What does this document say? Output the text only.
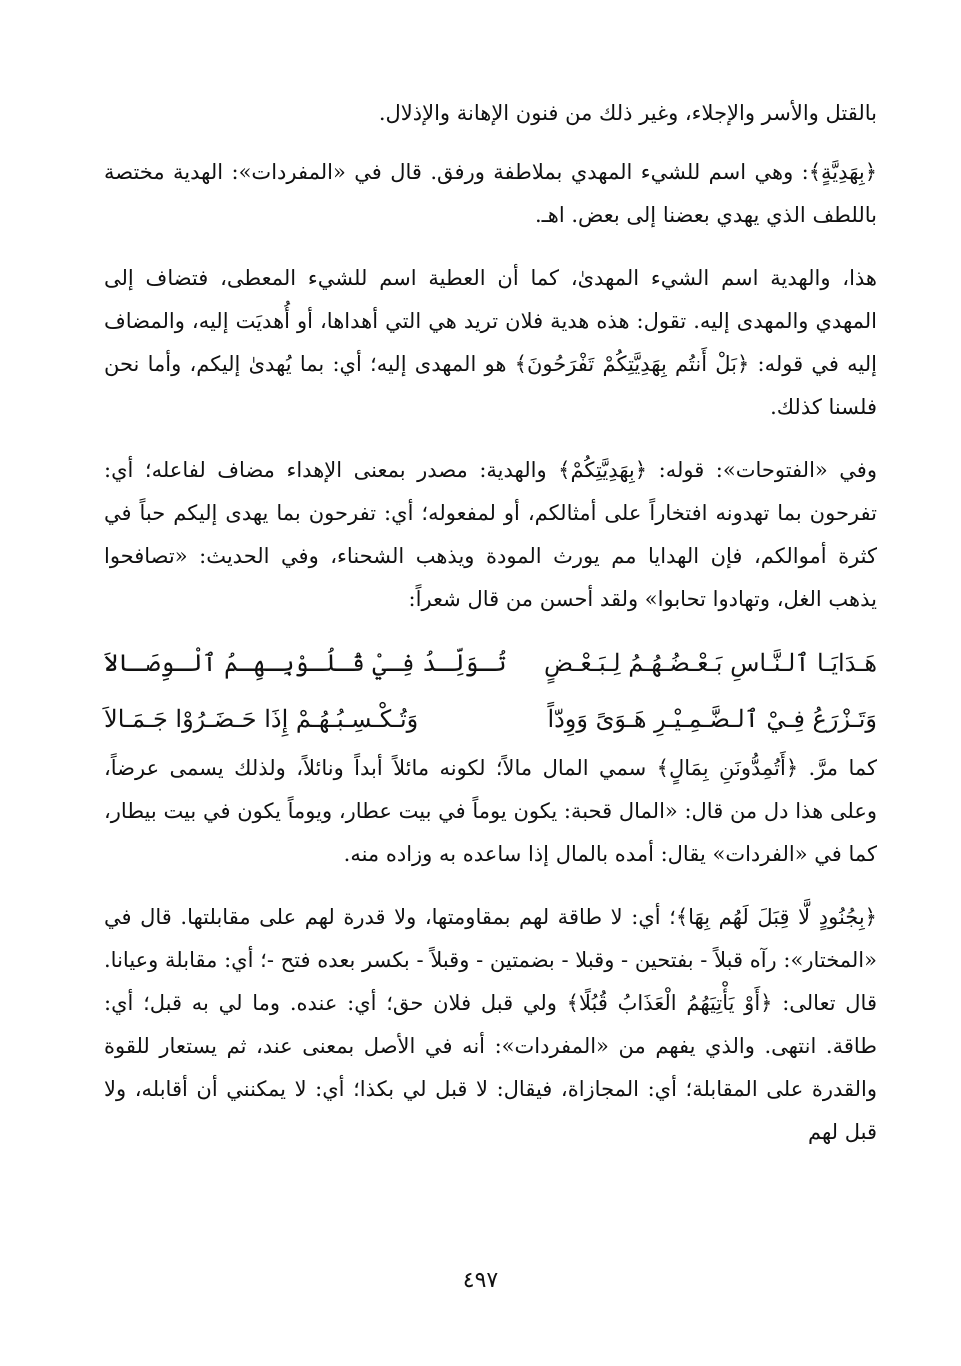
بالقتل والأسر والإجلاء، وغير ذلك من فنون الإهانة والإذلال.

﴿بِهَدِيَّةٍ﴾: وهي اسم للشيء المهدي بملاطفة ورفق. قال في «المفردات»: الهدية مختصة باللطف الذي يهدي بعضنا إلى بعض. اهـ.

هذا، والهدية اسم الشيء المهدىٰ، كما أن العطية اسم للشيء المعطى، فتضاف إلى المهدي والمهدى إليه. تقول: هذه هدية فلان تريد هي التي أهداها، أو أُهديَت إليه، والمضاف إليه في قوله: ﴿بَلْ أَنتُم بِهَدِيَّتِكُمْ تَفْرَحُونَ﴾ هو المهدى إليه؛ أي: بما يُهدىٰ إليكم، وأما نحن فلسنا كذلك.

وفي «الفتوحات»: قوله: ﴿بِهَدِيَّتِكُمْ﴾ والهدية: مصدر بمعنى الإهداء مضاف لفاعله؛ أي: تفرحون بما تهدونه افتخاراً على أمثالكم، أو لمفعوله؛ أي: تفرحون بما يهدى إليكم حباً في كثرة أموالكم، فإن الهدايا مم يورث المودة ويذهب الشحناء، وفي الحديث: «تصافحوا يذهب الغل، وتهادوا تحابوا» ولقد أحسن من قال شعراً:

هَـدَايَـا ٱلـنَّـاسِ بَـعْـضُـهُـمُ لِـبَـعْـضٍ
تُـوَلِّـدُ فِـيْ قُـلُـوْبِـهِـمُ ٱلْـوِصَـالاَ
وَتَـزْرَعُ فِـيْ ٱلـضَّـمِـيْـرِ هَـوَىً وَوِدّاً
وَتُـكْـسِـبُـهُـمْ إِذَا حَـضَـرُوْا جَـمَـالاَ

كما مرَّ. ﴿أَتُمِدُّونَنِ بِمَالٍ﴾ سمي المال مالاً؛ لكونه مائلاً أبداً ونائلاً، ولذلك يسمى عرضاً، وعلى هذا دل من قال: «المال قحبة: يكون يوماً في بيت عطار، ويوماً يكون في بيت بيطار، كما في «الفردات» يقال: أمده بالمال إذا ساعده به وزاده منه.

﴿بِجُنُودٍ لَّا قِبَلَ لَهُم بِهَا﴾؛ أي: لا طاقة لهم بمقاومتها، ولا قدرة لهم على مقابلتها. قال في «المختار»: رآه قبلاً - بفتحين - وقبلا - بضمتين - وقبلاً - بكسر بعده فتح -؛ أي: مقابلة وعيانا. قال تعالى: ﴿أَوْ يَأْتِيَهُمُ الْعَذَابُ قُبُلًا﴾ ولي قبل فلان حق؛ أي: عنده. وما لي به قبل؛ أي: طاقة. انتهى. والذي يفهم من «المفردات»: أنه في الأصل بمعنى عند، ثم يستعار للقوة والقدرة على المقابلة؛ أي: المجازاة، فيقال: لا قبل لي بكذا؛ أي: لا يمكنني أن أقابله، ولا قبل لهم

٤٩٧
